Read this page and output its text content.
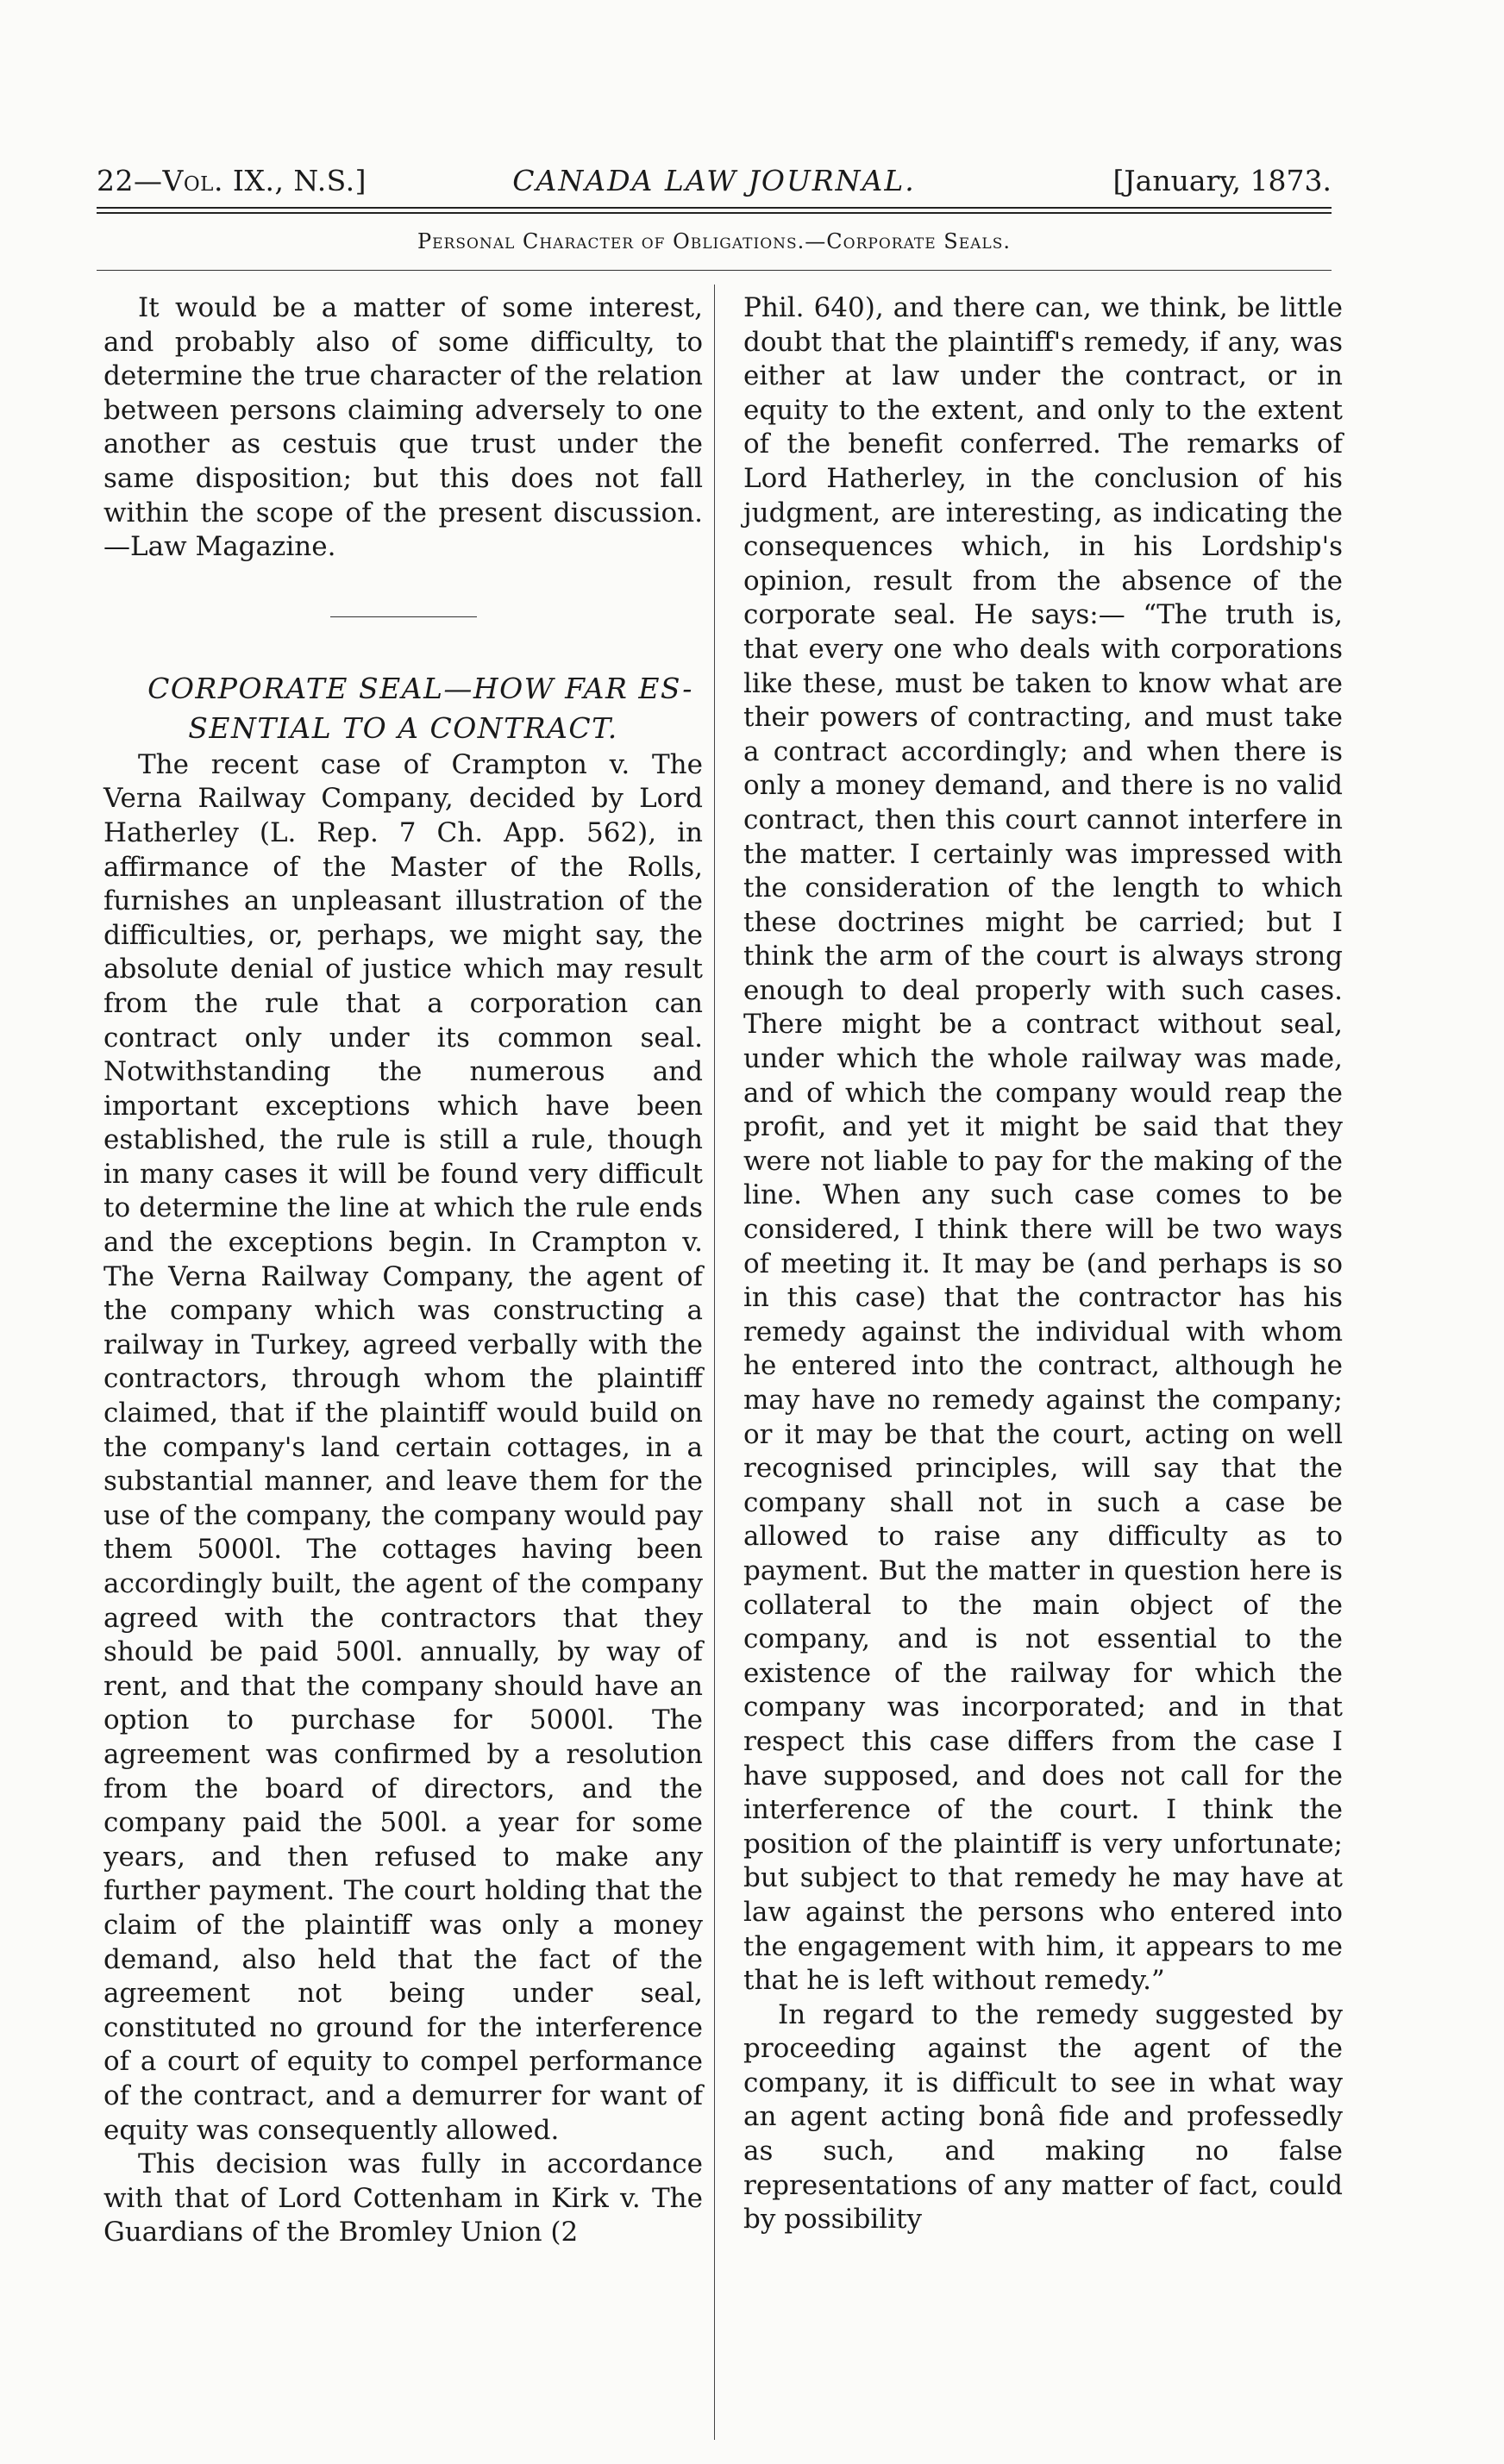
22—Vol. IX., N.S.]	CANADA LAW JOURNAL.	[January, 1873.
Personal Character of Obligations.—Corporate Seals.

It would be a matter of some interest, and probably also of some difficulty, to determine the true character of the relation between persons claiming adversely to one another as cestuis que trust under the same disposition; but this does not fall within the scope of the present discussion.—Law Magazine.

CORPORATE SEAL—HOW FAR ES-
SENTIAL TO A CONTRACT.

The recent case of Crampton v. The Verna Railway Company, decided by Lord Hatherley (L. Rep. 7 Ch. App. 562), in affirmance of the Master of the Rolls, furnishes an unpleasant illustration of the difficulties, or, perhaps, we might say, the absolute denial of justice which may result from the rule that a corporation can contract only under its common seal. Notwithstanding the numerous and important exceptions which have been established, the rule is still a rule, though in many cases it will be found very difficult to determine the line at which the rule ends and the exceptions begin. In Crampton v. The Verna Railway Company, the agent of the company which was constructing a railway in Turkey, agreed verbally with the contractors, through whom the plaintiff claimed, that if the plaintiff would build on the company's land certain cottages, in a substantial manner, and leave them for the use of the company, the company would pay them 5000l. The cottages having been accordingly built, the agent of the company agreed with the contractors that they should be paid 500l. annually, by way of rent, and that the company should have an option to purchase for 5000l. The agreement was confirmed by a resolution from the board of directors, and the company paid the 500l. a year for some years, and then refused to make any further payment. The court holding that the claim of the plaintiff was only a money demand, also held that the fact of the agreement not being under seal, constituted no ground for the interference of a court of equity to compel performance of the contract, and a demurrer for want of equity was consequently allowed.

This decision was fully in accordance with that of Lord Cottenham in Kirk v. The Guardians of the Bromley Union (2

Phil. 640), and there can, we think, be little doubt that the plaintiff's remedy, if any, was either at law under the contract, or in equity to the extent, and only to the extent of the benefit conferred. The remarks of Lord Hatherley, in the conclusion of his judgment, are interesting, as indicating the consequences which, in his Lordship's opinion, result from the absence of the corporate seal. He says:— “The truth is, that every one who deals with corporations like these, must be taken to know what are their powers of contracting, and must take a contract accordingly; and when there is only a money demand, and there is no valid contract, then this court cannot interfere in the matter. I certainly was impressed with the consideration of the length to which these doctrines might be carried; but I think the arm of the court is always strong enough to deal properly with such cases. There might be a contract without seal, under which the whole railway was made, and of which the company would reap the profit, and yet it might be said that they were not liable to pay for the making of the line. When any such case comes to be considered, I think there will be two ways of meeting it. It may be (and perhaps is so in this case) that the contractor has his remedy against the individual with whom he entered into the contract, although he may have no remedy against the company; or it may be that the court, acting on well recognised principles, will say that the company shall not in such a case be allowed to raise any difficulty as to payment. But the matter in question here is collateral to the main object of the company, and is not essential to the existence of the railway for which the company was incorporated; and in that respect this case differs from the case I have supposed, and does not call for the interference of the court. I think the position of the plaintiff is very unfortunate; but subject to that remedy he may have at law against the persons who entered into the engagement with him, it appears to me that he is left without remedy.”

In regard to the remedy suggested by proceeding against the agent of the company, it is difficult to see in what way an agent acting bonâ fide and professedly as such, and making no false representations of any matter of fact, could by possibility
